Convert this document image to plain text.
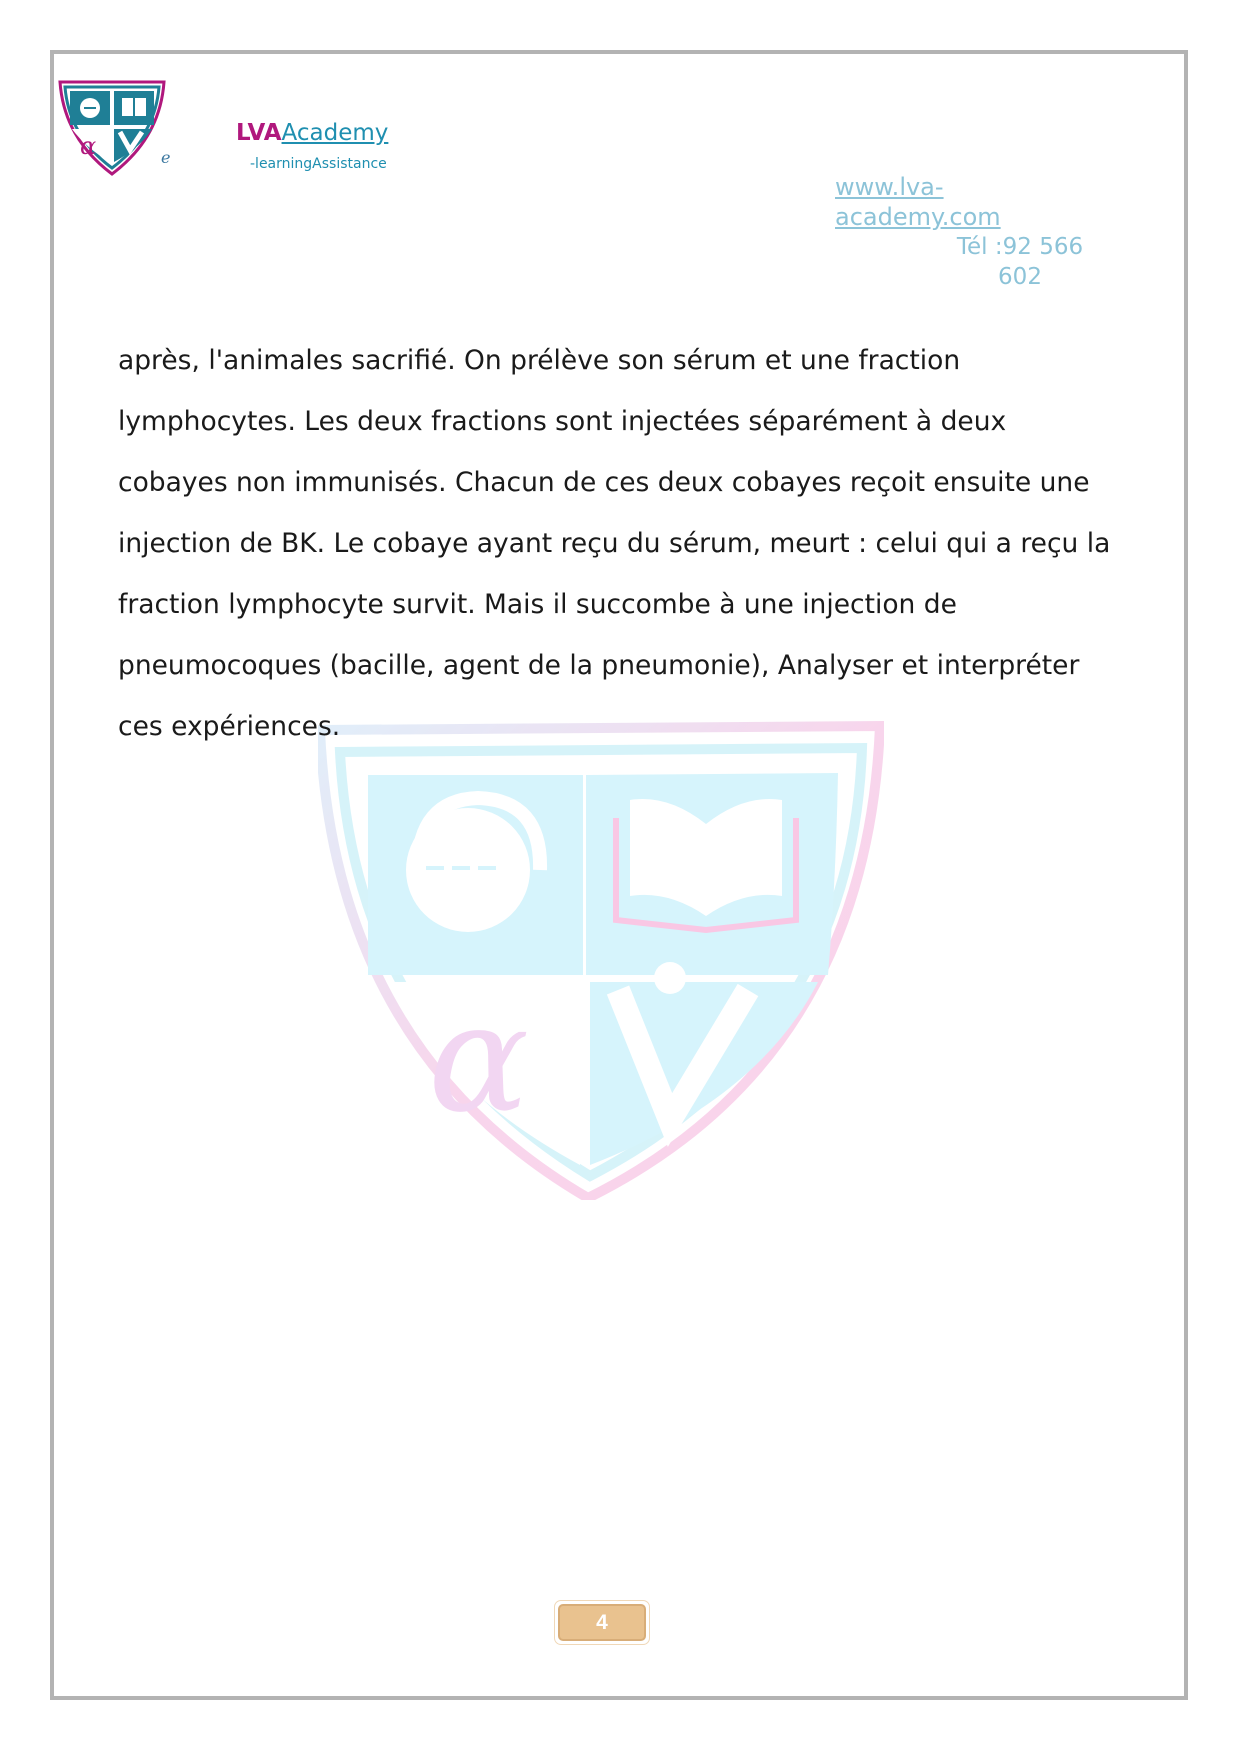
α	e
LVAAcademy
-learningAssistance
www.lva-academy.com
Tél :92 566 602
α

après, l'animales sacrifié. On prélève son sérum et une fraction lymphocytes. Les deux fractions sont injectées séparément à deux cobayes non immunisés. Chacun de ces deux cobayes reçoit ensuite une injection de BK. Le cobaye ayant reçu du sérum, meurt : celui qui a reçu la fraction lymphocyte survit. Mais il succombe à une injection de pneumocoques (bacille, agent de la pneumonie), Analyser et interpréter ces expériences.

4
